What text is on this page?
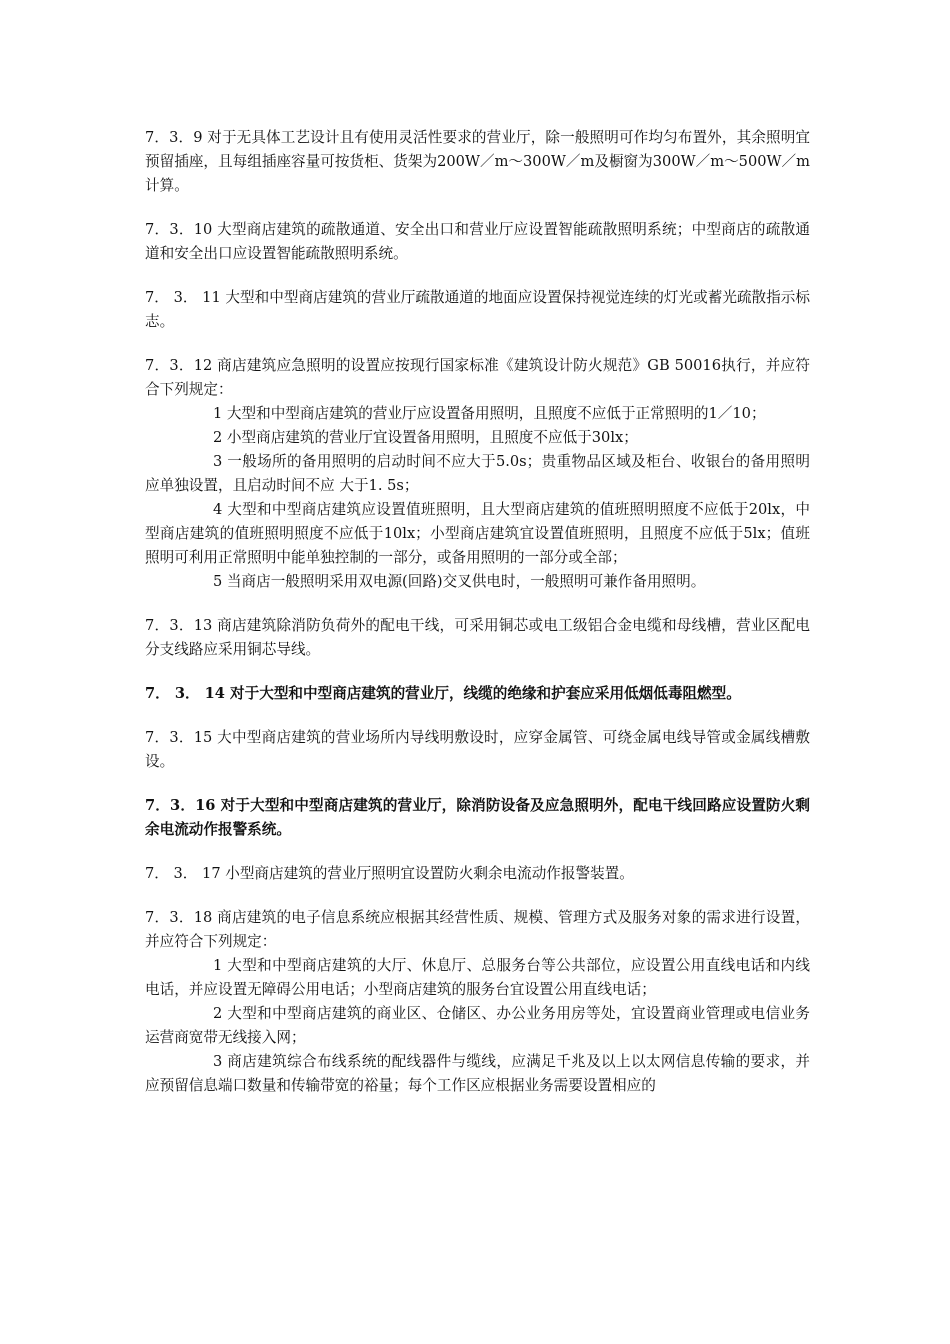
7．3．9 对于无具体工艺设计且有使用灵活性要求的营业厅，除一般照明可作均匀布置外，其余照明宜预留插座，且每组插座容量可按货柜、货架为200W／m～300W／m及橱窗为300W／m～500W／m计算。

7．3．10 大型商店建筑的疏散通道、安全出口和营业厅应设置智能疏散照明系统；中型商店的疏散通道和安全出口应设置智能疏散照明系统。

7． 3． 11 大型和中型商店建筑的营业厅疏散通道的地面应设置保持视觉连续的灯光或蓄光疏散指示标志。

7．3．12 商店建筑应急照明的设置应按现行国家标准《建筑设计防火规范》GB 50016执行，并应符合下列规定：

1 大型和中型商店建筑的营业厅应设置备用照明，且照度不应低于正常照明的1／10；

2 小型商店建筑的营业厅宜设置备用照明，且照度不应低于30lx；

3 一般场所的备用照明的启动时间不应大于5.0s；贵重物品区域及柜台、收银台的备用照明应单独设置，且启动时间不应 大于1. 5s；

4 大型和中型商店建筑应设置值班照明，且大型商店建筑的值班照明照度不应低于20lx，中型商店建筑的值班照明照度不应低于10lx；小型商店建筑宜设置值班照明，且照度不应低于5lx；值班照明可利用正常照明中能单独控制的一部分，或备用照明的一部分或全部；

5 当商店一般照明采用双电源(回路)交叉供电时，一般照明可兼作备用照明。

7．3．13 商店建筑除消防负荷外的配电干线，可采用铜芯或电工级铝合金电缆和母线槽，营业区配电分支线路应采用铜芯导线。

7． 3． 14 对于大型和中型商店建筑的营业厅，线缆的绝缘和护套应采用低烟低毒阻燃型。

7．3．15 大中型商店建筑的营业场所内导线明敷设时，应穿金属管、可绕金属电线导管或金属线槽敷设。

7．3．16 对于大型和中型商店建筑的营业厅，除消防设备及应急照明外，配电干线回路应设置防火剩余电流动作报警系统。

7． 3． 17 小型商店建筑的营业厅照明宜设置防火剩余电流动作报警装置。

7．3．18 商店建筑的电子信息系统应根据其经营性质、规模、管理方式及服务对象的需求进行设置，并应符合下列规定：

1 大型和中型商店建筑的大厅、休息厅、总服务台等公共部位，应设置公用直线电话和内线电话，并应设置无障碍公用电话；小型商店建筑的服务台宜设置公用直线电话；

2 大型和中型商店建筑的商业区、仓储区、办公业务用房等处，宜设置商业管理或电信业务运营商宽带无线接入网；

3 商店建筑综合布线系统的配线器件与缆线，应满足千兆及以上以太网信息传输的要求，并应预留信息端口数量和传输带宽的裕量；每个工作区应根据业务需要设置相应的
